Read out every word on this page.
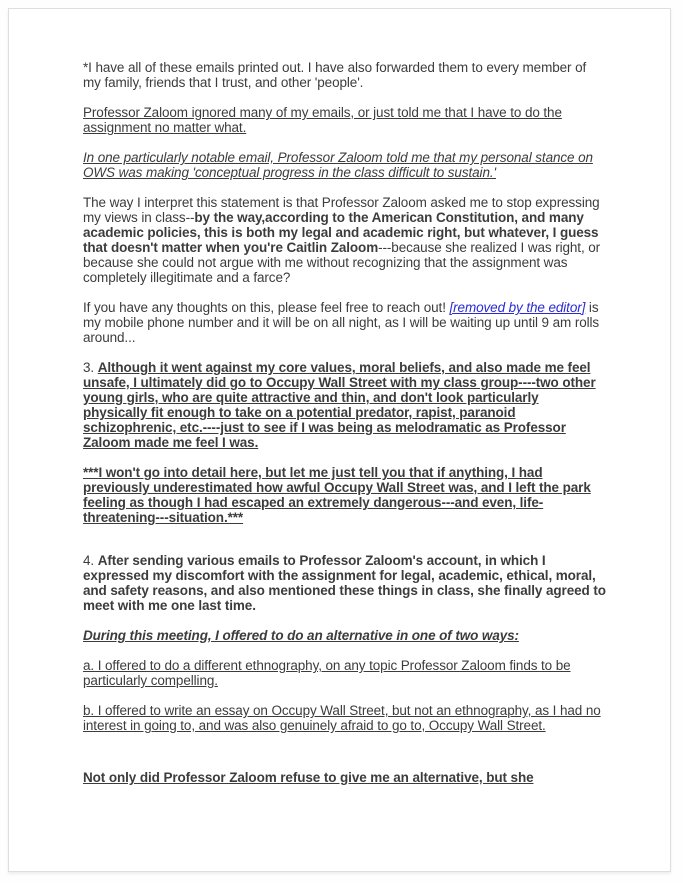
*I have all of these emails printed out. I have also forwarded them to every member of my family, friends that I trust, and other 'people'.

Professor Zaloom ignored many of my emails, or just told me that I have to do the assignment no matter what.

In one particularly notable email, Professor Zaloom told me that my personal stance on OWS was making 'conceptual progress in the class difficult to sustain.'

The way I interpret this statement is that Professor Zaloom asked me to stop expressing my views in class--by the way,according to the American Constitution, and many academic policies, this is both my legal and academic right, but whatever, I guess that doesn't matter when you're Caitlin Zaloom---because she realized I was right, or because she could not argue with me without recognizing that the assignment was completely illegitimate and a farce?

If you have any thoughts on this, please feel free to reach out! [removed by the editor] is my mobile phone number and it will be on all night, as I will be waiting up until 9 am rolls around...

3. Although it went against my core values, moral beliefs, and also made me feel unsafe, I ultimately did go to Occupy Wall Street with my class group----two other young girls, who are quite attractive and thin, and don't look particularly physically fit enough to take on a potential predator, rapist, paranoid schizophrenic, etc.----just to see if I was being as melodramatic as Professor Zaloom made me feel I was.

***I won't go into detail here, but let me just tell you that if anything, I had previously underestimated how awful Occupy Wall Street was, and I left the park feeling as though I had escaped an extremely dangerous---and even, life-threatening---situation.***

4. After sending various emails to Professor Zaloom's account, in which I expressed my discomfort with the assignment for legal, academic, ethical, moral, and safety reasons, and also mentioned these things in class, she finally agreed to meet with me one last time.

During this meeting, I offered to do an alternative in one of two ways:

a. I offered to do a different ethnography, on any topic Professor Zaloom finds to be particularly compelling.

b. I offered to write an essay on Occupy Wall Street, but not an ethnography, as I had no interest in going to, and was also genuinely afraid to go to, Occupy Wall Street.

Not only did Professor Zaloom refuse to give me an alternative, but she
